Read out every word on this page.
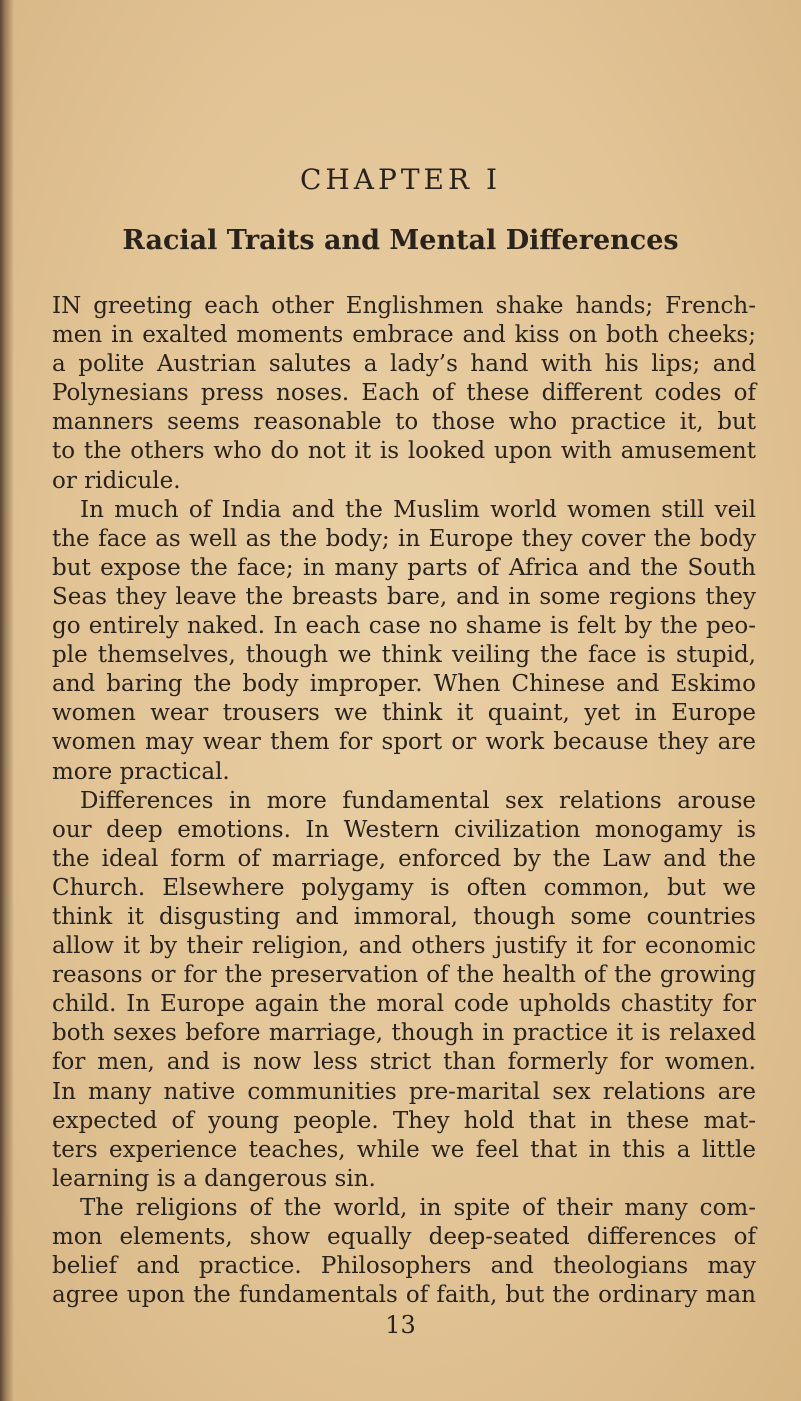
CHAPTER I
Racial Traits and Mental Differences
IN greeting each other Englishmen shake hands; French-
men in exalted moments embrace and kiss on both cheeks;
a polite Austrian salutes a lady’s hand with his lips; and
Polynesians press noses. Each of these different codes of
manners seems reasonable to those who practice it, but
to the others who do not it is looked upon with amusement
or ridicule.
In much of India and the Muslim world women still veil
the face as well as the body; in Europe they cover the body
but expose the face; in many parts of Africa and the South
Seas they leave the breasts bare, and in some regions they
go entirely naked. In each case no shame is felt by the peo-
ple themselves, though we think veiling the face is stupid,
and baring the body improper. When Chinese and Eskimo
women wear trousers we think it quaint, yet in Europe
women may wear them for sport or work because they are
more practical.
Differences in more fundamental sex relations arouse
our deep emotions. In Western civilization monogamy is
the ideal form of marriage, enforced by the Law and the
Church. Elsewhere polygamy is often common, but we
think it disgusting and immoral, though some countries
allow it by their religion, and others justify it for economic
reasons or for the preservation of the health of the growing
child. In Europe again the moral code upholds chastity for
both sexes before marriage, though in practice it is relaxed
for men, and is now less strict than formerly for women.
In many native communities pre-marital sex relations are
expected of young people. They hold that in these mat-
ters experience teaches, while we feel that in this a little
learning is a dangerous sin.
The religions of the world, in spite of their many com-
mon elements, show equally deep-seated differences of
belief and practice. Philosophers and theologians may
agree upon the fundamentals of faith, but the ordinary man
13
